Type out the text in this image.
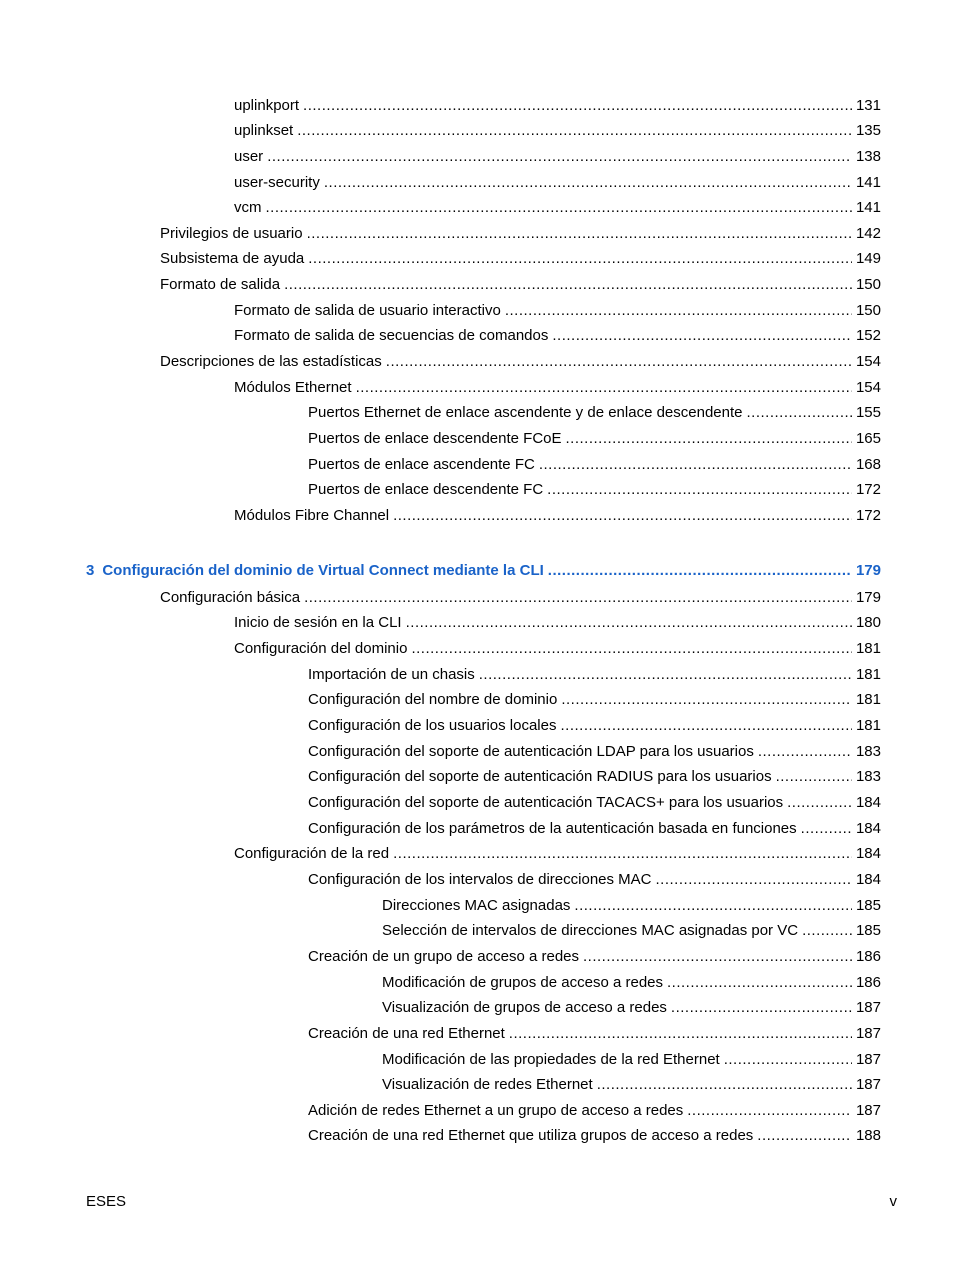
uplinkport .....	131
uplinkset .....	135
user .....	138
user-security .....	141
vcm .....	141
Privilegios de usuario .....	142
Subsistema de ayuda .....	149
Formato de salida .....	150
Formato de salida de usuario interactivo .....	150
Formato de salida de secuencias de comandos .....	152
Descripciones de las estadísticas .....	154
Módulos Ethernet .....	154
Puertos Ethernet de enlace ascendente y de enlace descendente .....	155
Puertos de enlace descendente FCoE .....	165
Puertos de enlace ascendente FC .....	168
Puertos de enlace descendente FC .....	172
Módulos Fibre Channel .....	172
3 Configuración del dominio de Virtual Connect mediante la CLI .....	179
Configuración básica .....	179
Inicio de sesión en la CLI .....	180
Configuración del dominio .....	181
Importación de un chasis .....	181
Configuración del nombre de dominio .....	181
Configuración de los usuarios locales .....	181
Configuración del soporte de autenticación LDAP para los usuarios .....	183
Configuración del soporte de autenticación RADIUS para los usuarios .....	183
Configuración del soporte de autenticación TACACS+ para los usuarios .....	184
Configuración de los parámetros de la autenticación basada en funciones .....	184
Configuración de la red .....	184
Configuración de los intervalos de direcciones MAC .....	184
Direcciones MAC asignadas .....	185
Selección de intervalos de direcciones MAC asignadas por VC .....	185
Creación de un grupo de acceso a redes .....	186
Modificación de grupos de acceso a redes .....	186
Visualización de grupos de acceso a redes .....	187
Creación de una red Ethernet .....	187
Modificación de las propiedades de la red Ethernet .....	187
Visualización de redes Ethernet .....	187
Adición de redes Ethernet a un grupo de acceso a redes .....	187
Creación de una red Ethernet que utiliza grupos de acceso a redes .....	188
ESES	v
